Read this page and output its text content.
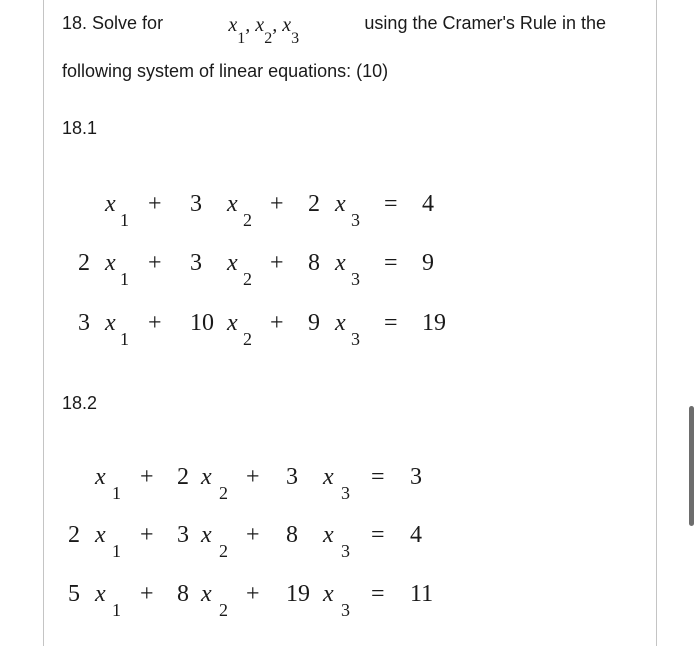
18. Solve for	$x_1$, $x_2$, $x_3$
using the Cramer's Rule in the
following system of linear equations: (10)
18.1
18.2
x
1
+ 3 x
2
+ 2 x
3
= 4
2 x
1
+ 3 x
2
+ 8 x
3
= 9
3 x
1
+ 10 x
2
+ 9 x
3
= 19
x
1
+ 2 x
2
+ 3 x
3
= 3
2 x
1
+ 3 x
2
+ 8 x
3
= 4
5 x
1
+ 8 x
2
+ 19 x
3
= 11
